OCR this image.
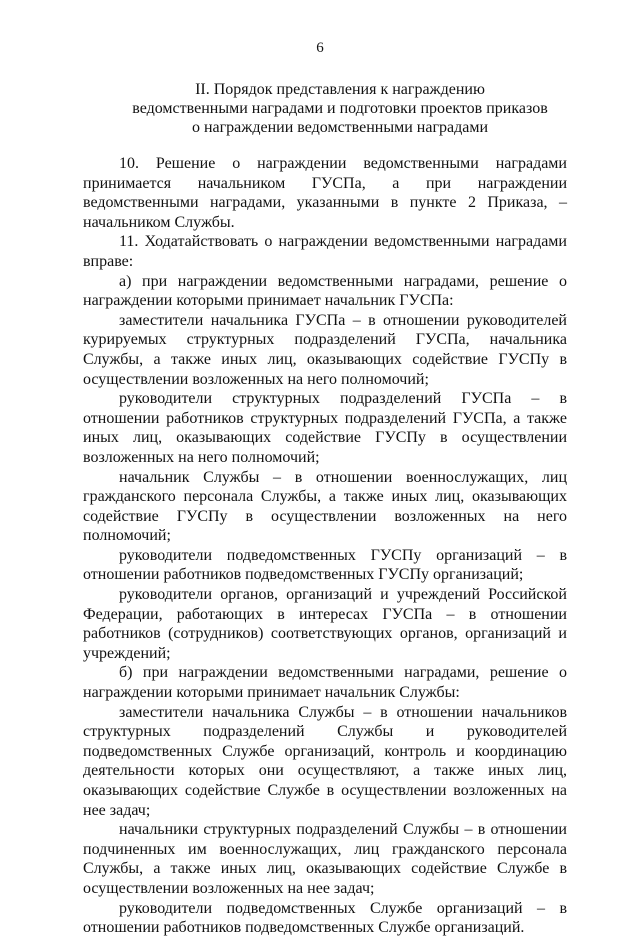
6
II. Порядок представления к награждению
ведомственными наградами и подготовки проектов приказов
о награждении ведомственными наградами

10. Решение о награждении ведомственными наградами принимается начальником ГУСПа, а при награждении ведомственными наградами, указанными в пункте 2 Приказа, – начальником Службы.

11. Ходатайствовать о награждении ведомственными наградами вправе:

а) при награждении ведомственными наградами, решение о награждении которыми принимает начальник ГУСПа:

заместители начальника ГУСПа – в отношении руководителей курируемых структурных подразделений ГУСПа, начальника Службы, а также иных лиц, оказывающих содействие ГУСПу в осуществлении возложенных на него полномочий;

руководители структурных подразделений ГУСПа – в отношении работников структурных подразделений ГУСПа, а также иных лиц, оказывающих содействие ГУСПу в осуществлении возложенных на него полномочий;

начальник Службы – в отношении военнослужащих, лиц гражданского персонала Службы, а также иных лиц, оказывающих содействие ГУСПу в осуществлении возложенных на него полномочий;

руководители подведомственных ГУСПу организаций – в отношении работников подведомственных ГУСПу организаций;

руководители органов, организаций и учреждений Российской Федерации, работающих в интересах ГУСПа – в отношении работников (сотрудников) соответствующих органов, организаций и учреждений;

б) при награждении ведомственными наградами, решение о награждении которыми принимает начальник Службы:

заместители начальника Службы – в отношении начальников структурных подразделений Службы и руководителей подведомственных Службе организаций, контроль и координацию деятельности которых они осуществляют, а также иных лиц, оказывающих содействие Службе в осуществлении возложенных на нее задач;

начальники структурных подразделений Службы – в отношении подчиненных им военнослужащих, лиц гражданского персонала Службы, а также иных лиц, оказывающих содействие Службе в осуществлении возложенных на нее задач;

руководители подведомственных Службе организаций – в отношении работников подведомственных Службе организаций.
